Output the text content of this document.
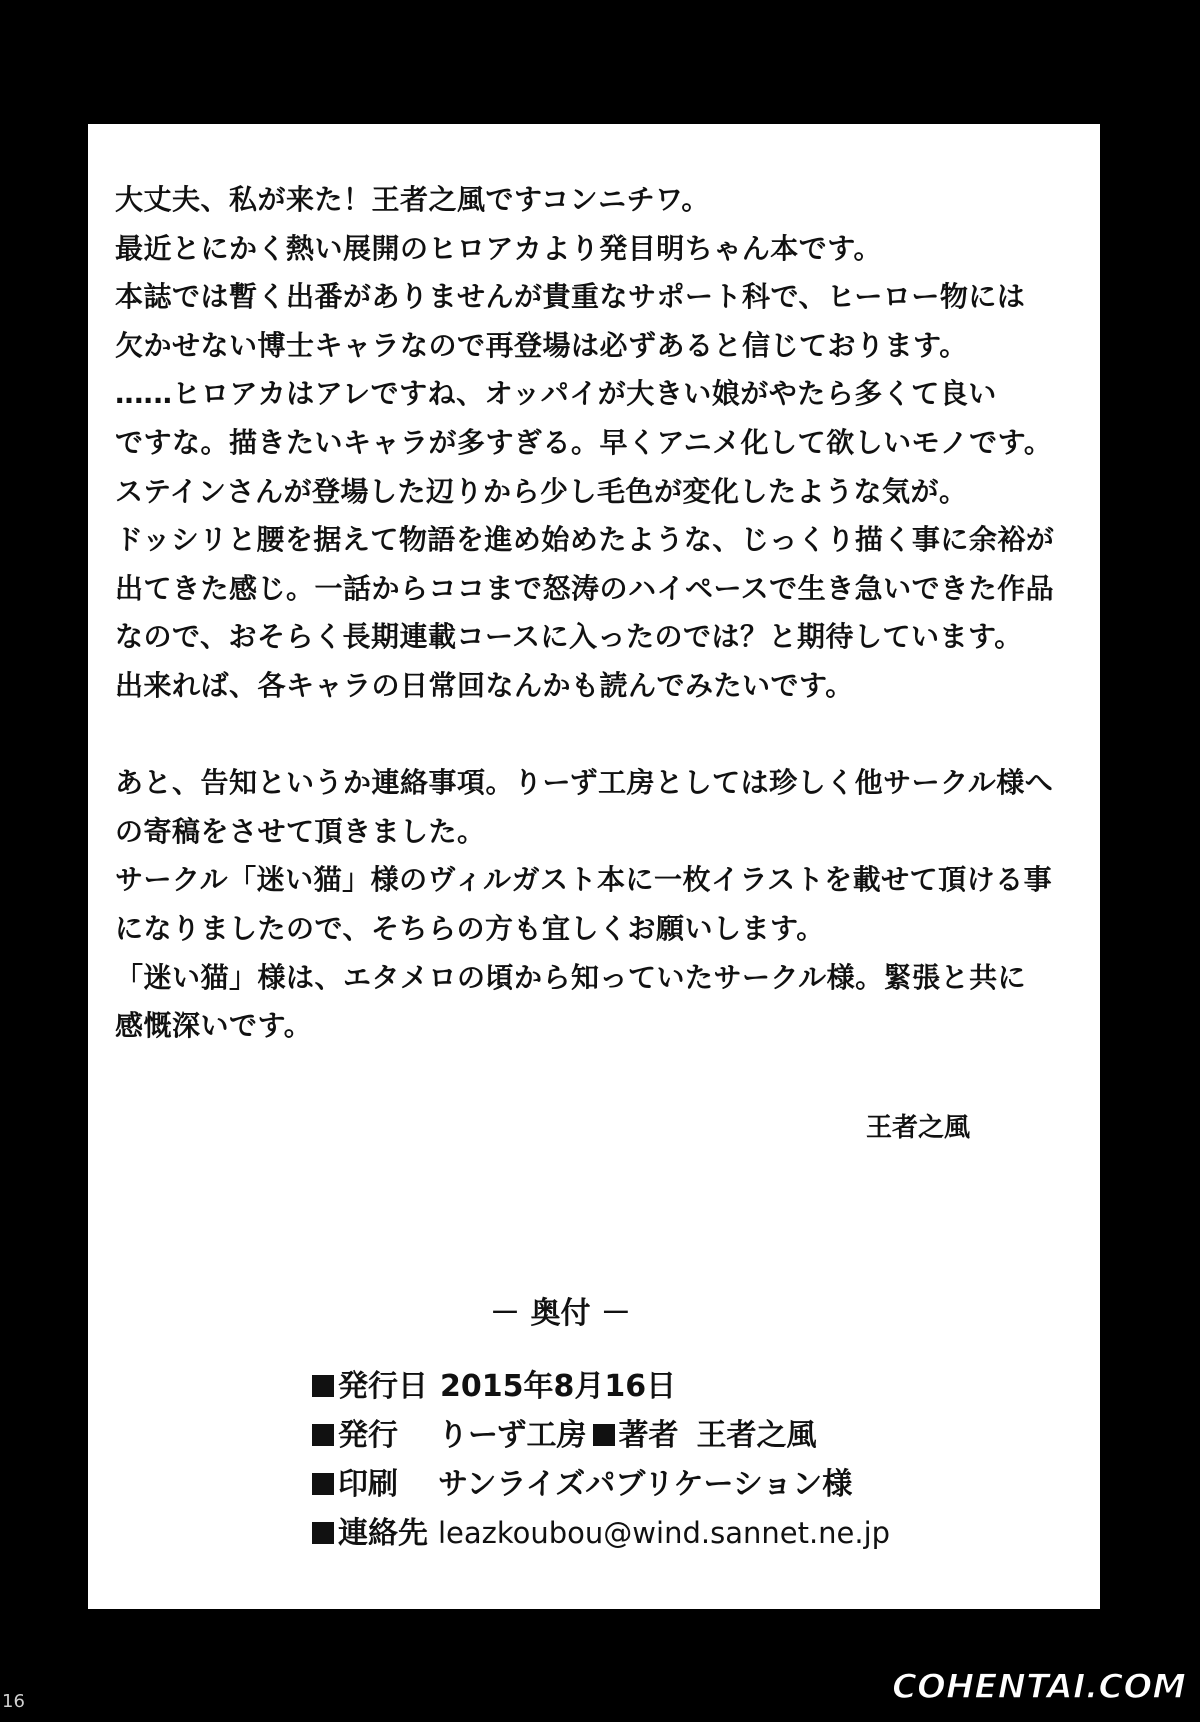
大丈夫、私が来た！王者之風ですコンニチワ。
最近とにかく熱い展開のヒロアカより発目明ちゃん本です。
本誌では暫く出番がありませんが貴重なサポート科で、ヒーロー物には
欠かせない博士キャラなので再登場は必ずあると信じております。
‥‥‥ヒロアカはアレですね、オッパイが大きい娘がやたら多くて良い
ですな。描きたいキャラが多すぎる。早くアニメ化して欲しいモノです。
ステインさんが登場した辺りから少し毛色が変化したような気が。
ドッシリと腰を据えて物語を進め始めたような、じっくり描く事に余裕が
出てきた感じ。一話からココまで怒涛のハイペースで生き急いできた作品
なので、おそらく長期連載コースに入ったのでは？と期待しています。
出来れば、各キャラの日常回なんかも読んでみたいです。
あと、告知というか連絡事項。りーず工房としては珍しく他サークル様へ
の寄稿をさせて頂きました。
サークル「迷い猫」様のヴィルガスト本に一枚イラストを載せて頂ける事
になりましたので、そちらの方も宜しくお願いします。
「迷い猫」様は、エタメロの頃から知っていたサークル様。緊張と共に
感慨深いです。
王者之風
－ 奥付 －
発行日 2015年8月16日
発行 りーず工房 著者 王者之風
印刷 サンライズパブリケーション様
連絡先 leazkoubou@wind.sannet.ne.jp
16	COHENTAI.COM
